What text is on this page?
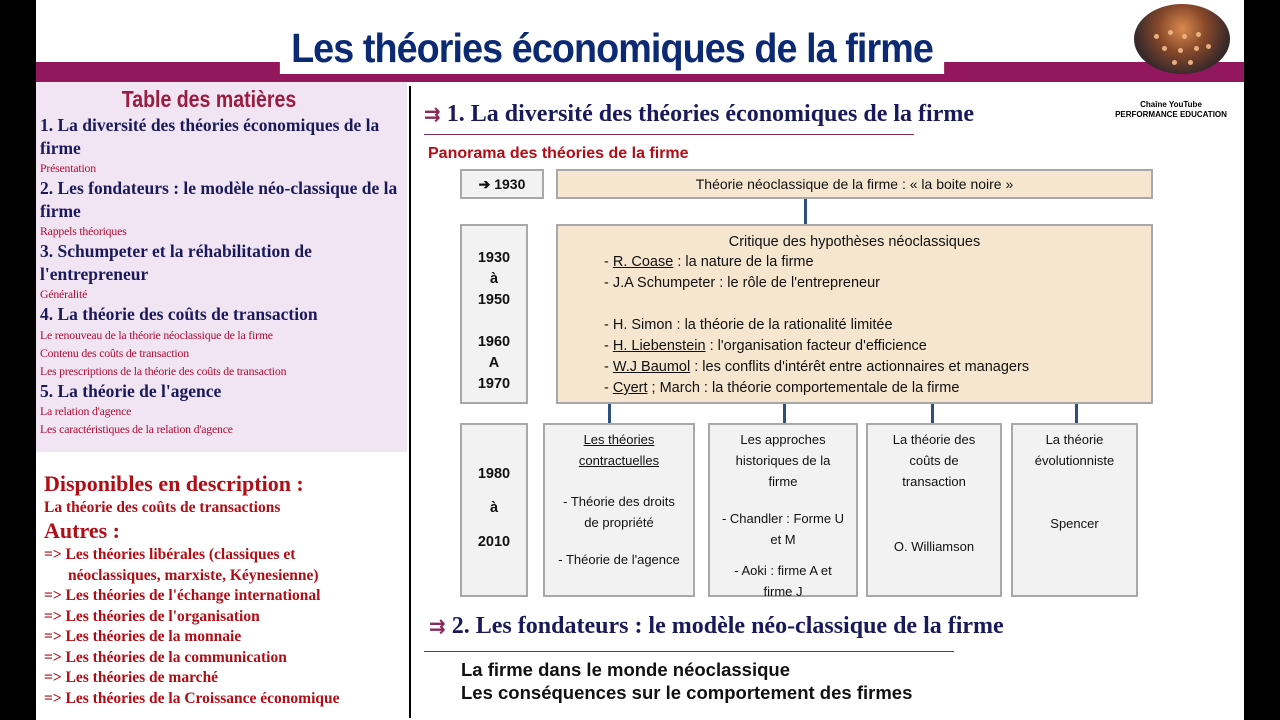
Les théories économiques de la firme
Chaîne YouTube
PERFORMANCE EDUCATION
Table des matières
1. La diversité des théories économiques de la firme
Présentation
2. Les fondateurs : le modèle néo-classique de la firme
Rappels théoriques
3. Schumpeter et la réhabilitation de l'entrepreneur
Généralité
4. La théorie des coûts de transaction
Le renouveau de la théorie néoclassique de la firme
Contenu des coûts de transaction
Les prescriptions de la théorie des coûts de transaction
5. La théorie de l'agence
La relation d'agence
Les caractéristiques de la relation d'agence
Disponibles en description :
La théorie des coûts de transactions
Autres :
=> Les théories libérales (classiques et
néoclassiques, marxiste, Kéynesienne)
=> Les théories de l'échange international
=> Les théories de l'organisation
=> Les théories de la monnaie
=> Les théories de la communication
=> Les théories de marché
=> Les théories de la Croissance économique
⇉ 1. La diversité des théories économiques de la firme
Panorama des théories de la firme
➔ 1930	Théorie néoclassique de la firme : « la boite noire »
1930
à
1950
1960
A
1970
Critique des hypothèses néoclassiques
- R. Coase : la nature de la firme
- J.A Schumpeter : le rôle de l'entrepreneur
- H. Simon : la théorie de la rationalité limitée
- H. Liebenstein : l'organisation facteur d'efficience
- W.J Baumol : les conflits d'intérêt entre actionnaires et managers
- Cyert ; March : la théorie comportementale de la firme
1980
à
2010
Les théories contractuelles
- Théorie des droits de propriété
- Théorie de l'agence
Les approches historiques de la firme
- Chandler : Forme U et M
- Aoki : firme A et firme J
La théorie des coûts de transaction
O. Williamson
La théorie évolutionniste
Spencer
⇉ 2. Les fondateurs : le modèle néo-classique de la firme
La firme dans le monde néoclassique
Les conséquences sur le comportement des firmes
